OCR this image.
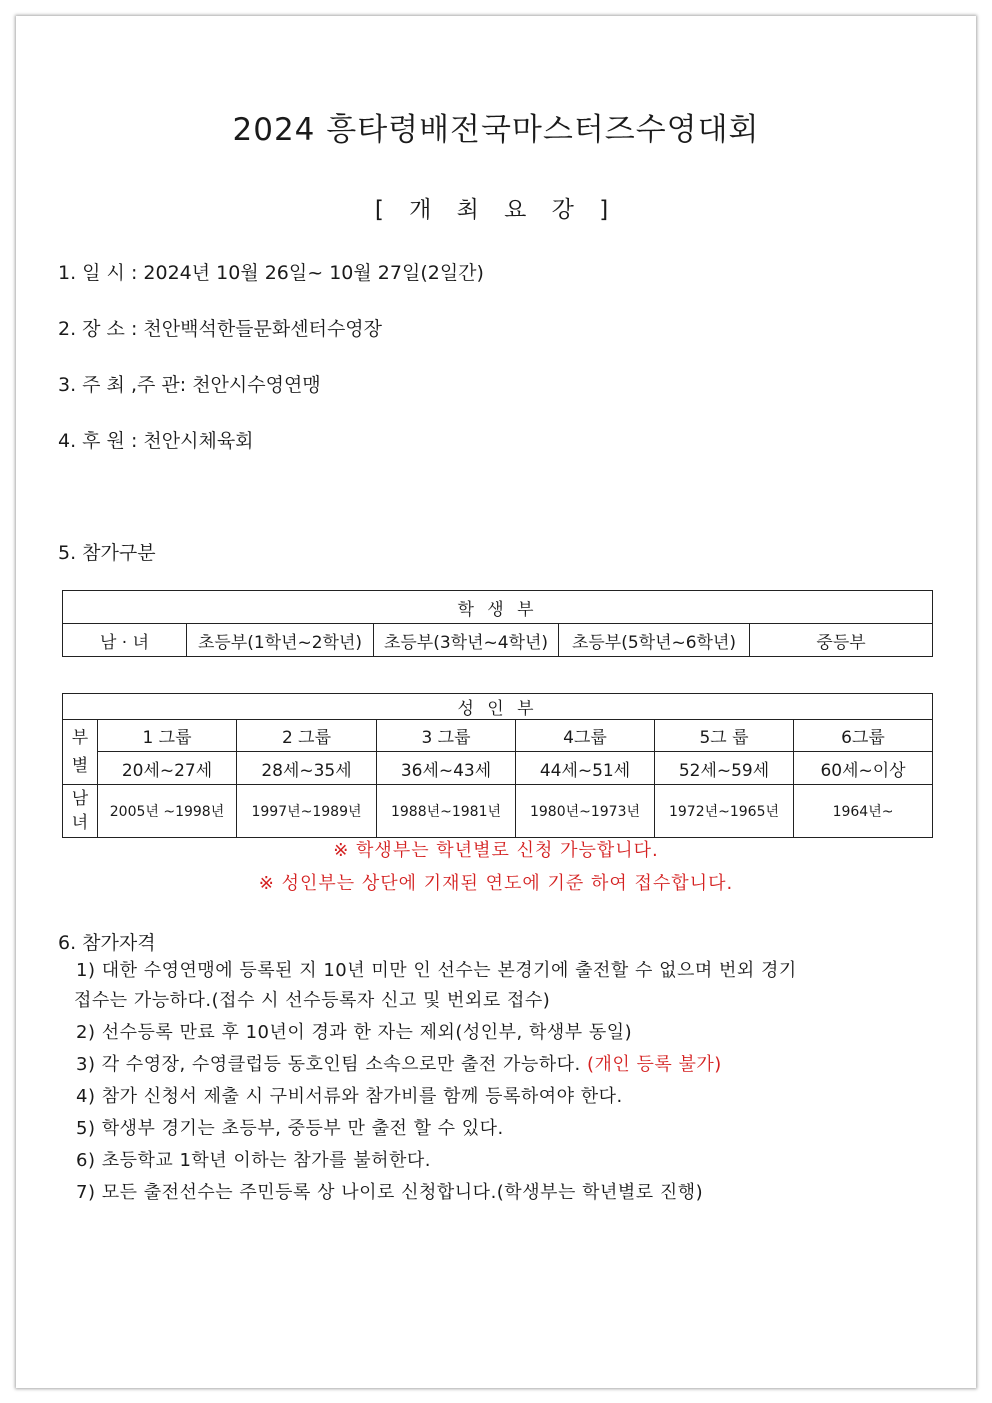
2024 흥타령배전국마스터즈수영대회
[ 개 최 요 강 ]
1. 일 시 : 2024년 10월 26일~ 10월 27일(2일간)
2. 장 소 : 천안백석한들문화센터수영장
3. 주 최 ,주 관: 천안시수영연맹
4. 후 원 : 천안시체육회
5. 참가구분
학 생 부
남 · 녀	초등부(1학년~2학년)	초등부(3학년~4학년)	초등부(5학년~6학년)	중등부
성 인 부						
부
별	1 그룹	2 그룹	3 그룹	4그룹	5그 룹	6그룹
	20세~27세	28세~35세	36세~43세	44세~51세	52세~59세	60세~이상
남
녀	2005년 ~1998년	1997년~1989년	1988년~1981년	1980년~1973년	1972년~1965년	1964년~
※ 학생부는 학년별로 신청 가능합니다.
※ 성인부는 상단에 기재된 연도에 기준 하여 접수합니다.
6. 참가자격
1) 대한 수영연맹에 등록된 지 10년 미만 인 선수는 본경기에 출전할 수 없으며 번외 경기
접수는 가능하다.(접수 시 선수등록자 신고 및 번외로 접수)
2) 선수등록 만료 후 10년이 경과 한 자는 제외(성인부, 학생부 동일)
3) 각 수영장, 수영클럽등 동호인팀 소속으로만 출전 가능하다. (개인 등록 불가)
4) 참가 신청서 제출 시 구비서류와 참가비를 함께 등록하여야 한다.
5) 학생부 경기는 초등부, 중등부 만 출전 할 수 있다.
6) 초등학교 1학년 이하는 참가를 불허한다.
7) 모든 출전선수는 주민등록 상 나이로 신청합니다.(학생부는 학년별로 진행)
